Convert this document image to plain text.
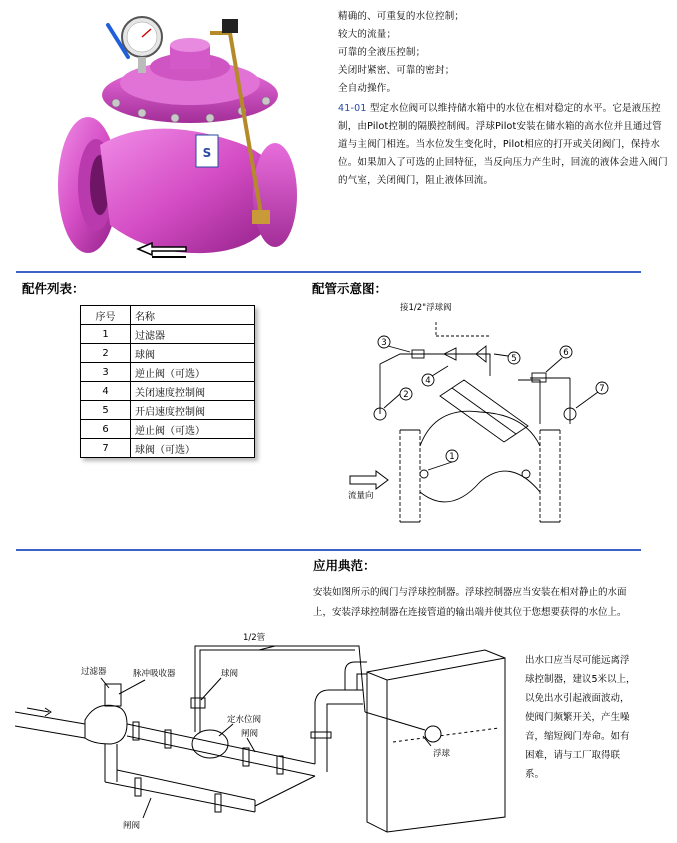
S

精确的、可重复的水位控制；

较大的流量；

可靠的全液压控制；

关闭时紧密、可靠的密封；

全自动操作。

41-01 型定水位阀可以维持储水箱中的水位在相对稳定的水平。它是液压控制，由Pilot控制的隔膜控制阀。浮球Pilot安装在储水箱的高水位并且通过管道与主阀门相连。当水位发生变化时，Pilot相应的打开或关闭阀门，保持水位。如果加入了可选的止回特征，当反向压力产生时，回流的液体会进入阀门的气室，关闭阀门，阻止液体回流。

配件列表：
序号	名称
1	过滤器
2	球阀
3	逆止阀（可选）
4	关闭速度控制阀
5	开启速度控制阀
6	逆止阀（可选）
7	球阀（可选）
配管示意图：
接1/2"浮球阀
3
2
4
5
6
7
1
流量向
应用典范：
安装如图所示的阀门与浮球控制器。浮球控制器应当安装在相对静止的水面上，安装浮球控制器在连接管道的输出端并使其位于您想要获得的水位上。
出水口应当尽可能远离浮球控制器，建议5米以上，以免出水引起液面波动，使阀门频繁开关，产生噪音，缩短阀门寿命。如有困难，请与工厂取得联系。
1/2管
过滤器	脉冲吸收器	球阀
定水位阀
闸阀
闸阀
浮球
